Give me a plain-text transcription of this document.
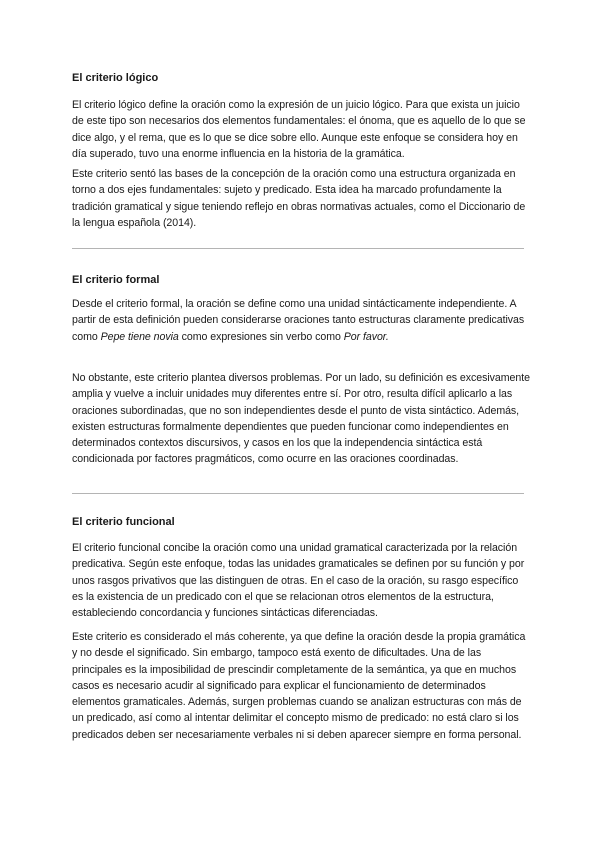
El criterio lógico

El criterio lógico define la oración como la expresión de un juicio lógico. Para que exista un juicio de este tipo son necesarios dos elementos fundamentales: el ónoma, que es aquello de lo que se dice algo, y el rema, que es lo que se dice sobre ello. Aunque este enfoque se considera hoy en día superado, tuvo una enorme influencia en la historia de la gramática.

Este criterio sentó las bases de la concepción de la oración como una estructura organizada en torno a dos ejes fundamentales: sujeto y predicado. Esta idea ha marcado profundamente la tradición gramatical y sigue teniendo reflejo en obras normativas actuales, como el Diccionario de la lengua española (2014).

El criterio formal

Desde el criterio formal, la oración se define como una unidad sintácticamente independiente. A partir de esta definición pueden considerarse oraciones tanto estructuras claramente predicativas como Pepe tiene novia como expresiones sin verbo como Por favor.

No obstante, este criterio plantea diversos problemas. Por un lado, su definición es excesivamente amplia y vuelve a incluir unidades muy diferentes entre sí. Por otro, resulta difícil aplicarlo a las oraciones subordinadas, que no son independientes desde el punto de vista sintáctico. Además, existen estructuras formalmente dependientes que pueden funcionar como independientes en determinados contextos discursivos, y casos en los que la independencia sintáctica está condicionada por factores pragmáticos, como ocurre en las oraciones coordinadas.

El criterio funcional

El criterio funcional concibe la oración como una unidad gramatical caracterizada por la relación predicativa. Según este enfoque, todas las unidades gramaticales se definen por su función y por unos rasgos privativos que las distinguen de otras. En el caso de la oración, su rasgo específico es la existencia de un predicado con el que se relacionan otros elementos de la estructura, estableciendo concordancia y funciones sintácticas diferenciadas.

Este criterio es considerado el más coherente, ya que define la oración desde la propia gramática y no desde el significado. Sin embargo, tampoco está exento de dificultades. Una de las principales es la imposibilidad de prescindir completamente de la semántica, ya que en muchos casos es necesario acudir al significado para explicar el funcionamiento de determinados elementos gramaticales. Además, surgen problemas cuando se analizan estructuras con más de un predicado, así como al intentar delimitar el concepto mismo de predicado: no está claro si los predicados deben ser necesariamente verbales ni si deben aparecer siempre en forma personal.
